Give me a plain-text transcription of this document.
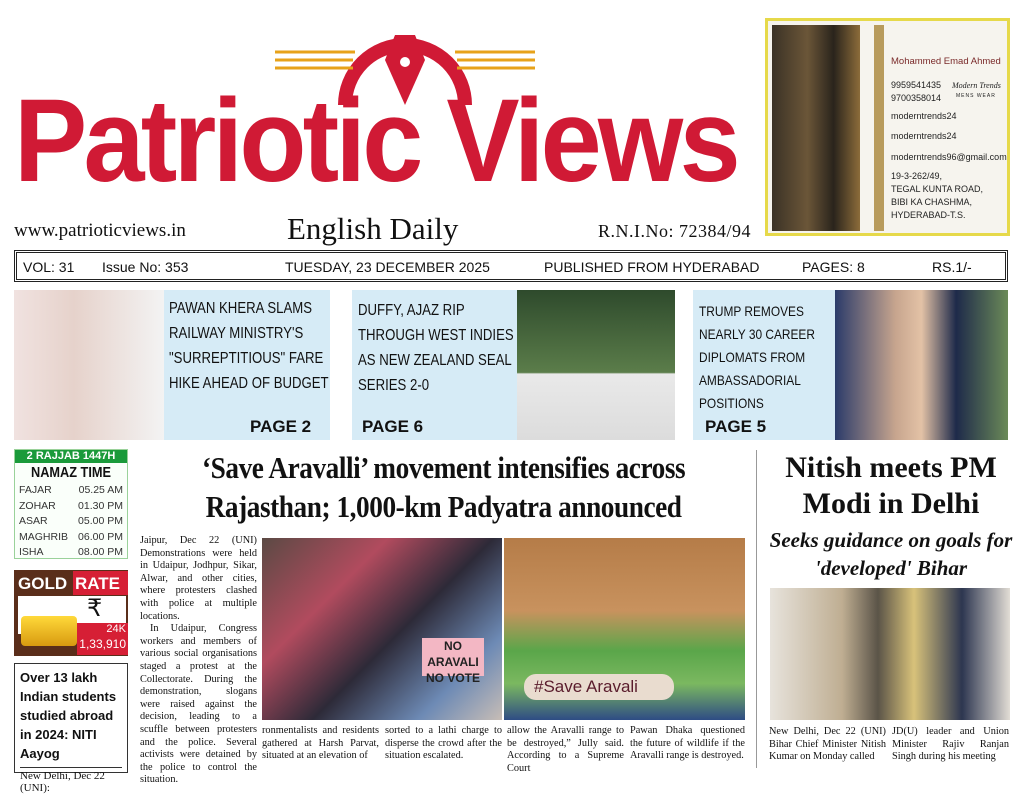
Patriotic Views
www.patrioticviews.in	English Daily	R.N.I.No: 72384/94
Mohammed Emad Ahmed
9959541435
9700358014
moderntrends24
moderntrends24
moderntrends96@gmail.com
19-3-262/49,
TEGAL KUNTA ROAD,
BIBI KA CHASHMA,
HYDERABAD-T.S.
Modern Trends
MENS WEAR
VOL: 31 Issue No: 353	TUESDAY, 23 DECEMBER 2025	PUBLISHED FROM HYDERABAD	PAGES: 8	RS.1/-
PAWAN KHERA SLAMS RAILWAY MINISTRY'S "SURREPTITIOUS" FARE HIKE AHEAD OF BUDGET
PAGE 2
DUFFY, AJAZ RIP THROUGH WEST INDIES AS NEW ZEALAND SEAL SERIES 2-0
PAGE 6
TRUMP REMOVES NEARLY 30 CAREER DIPLOMATS FROM AMBASSADORIAL POSITIONS
PAGE 5
2 RAJJAB 1447H
NAMAZ TIME
FAJAR	05.25 AM
ZOHAR 01.30 PM
ASAR	05.00 PM
MAGHRIB 06.00 PM
ISHA	08.00 PM
GOLD RATE
₹
24K
1,33,910
Over 13 lakh Indian students studied abroad in 2024: NITI Aayog
New Delhi, Dec 22 (UNI):
‘Save Aravalli’ movement intensifies across Rajasthan; 1,000-km Padyatra announced

Jaipur, Dec 22 (UNI) Demonstrations were held in Udaipur, Jodhpur, Sikar, Alwar, and other cities, where protesters clashed with police at multiple locations.

In Udaipur, Congress workers and members of various social organisations staged a protest at the Collectorate. During the demonstration, slogans were raised against the decision, leading to a scuffle between protesters and the police. Several activists were detained by the police to control the situation.

NO ARAVALI NO VOTE	#Save Aravali
ronmentalists and residents gathered at Harsh Parvat, situated at an elevation of
sorted to a lathi charge to disperse the crowd after the situation escalated.
allow the Aravalli range to be destroyed,” Jully said. According to a Supreme Court
Pawan Dhaka questioned the future of wildlife if the Aravalli range is destroyed.
Nitish meets PM Modi in Delhi
Seeks guidance on goals for 'developed' Bihar
New Delhi, Dec 22 (UNI) Bihar Chief Minister Nitish Kumar on Monday called
JD(U) leader and Union Minister Rajiv Ranjan Singh during his meeting
